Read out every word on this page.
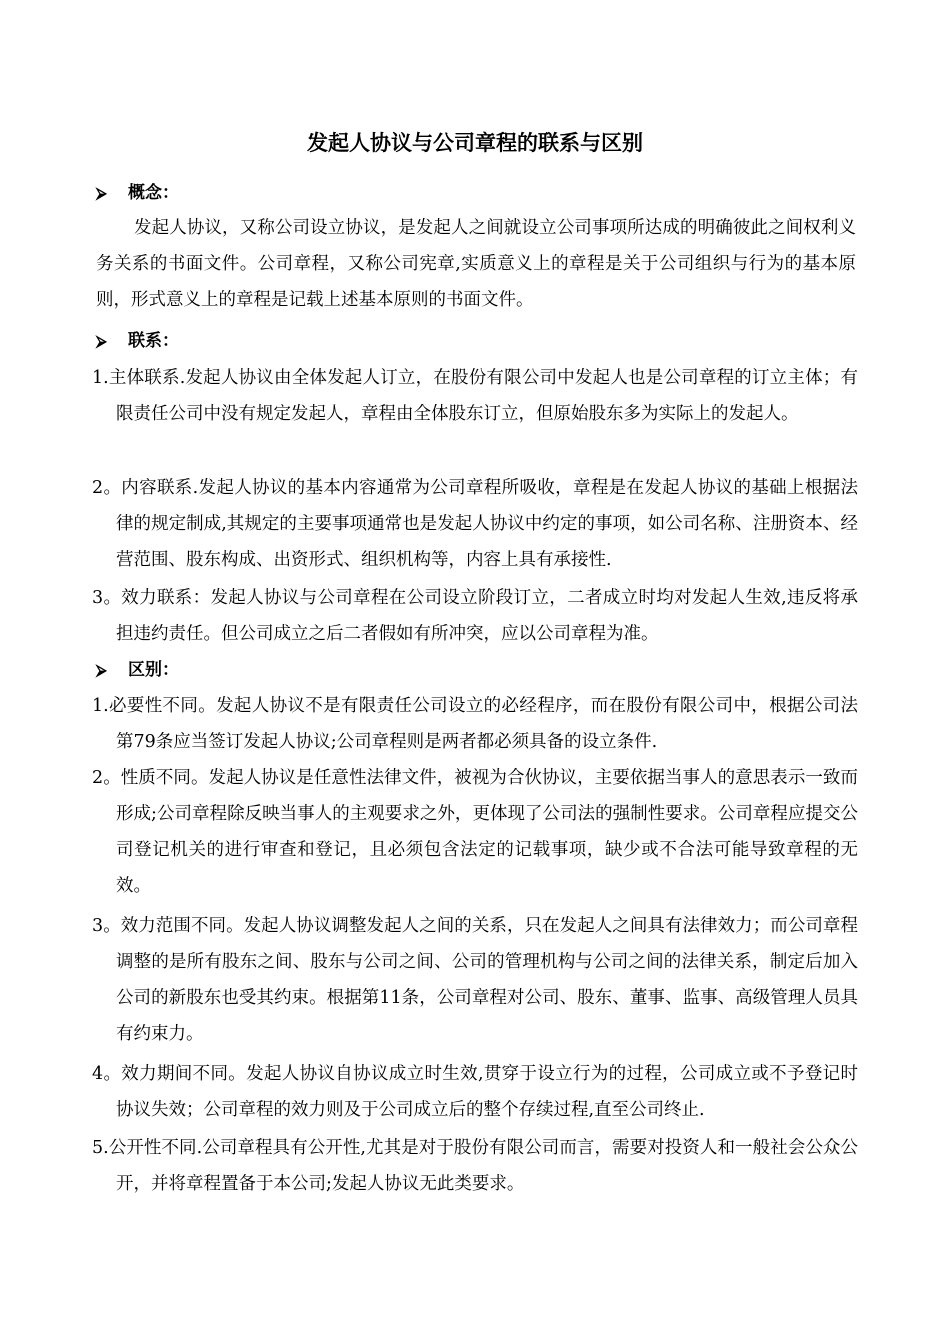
发起人协议与公司章程的联系与区别
⮚ 概念：

发起人协议，又称公司设立协议，是发起人之间就设立公司事项所达成的明确彼此之间权利义务关系的书面文件。公司章程，又称公司宪章,实质意义上的章程是关于公司组织与行为的基本原则，形式意义上的章程是记载上述基本原则的书面文件。

⮚ 联系：

1.主体联系.发起人协议由全体发起人订立，在股份有限公司中发起人也是公司章程的订立主体；有限责任公司中没有规定发起人，章程由全体股东订立，但原始股东多为实际上的发起人。

2。内容联系.发起人协议的基本内容通常为公司章程所吸收，章程是在发起人协议的基础上根据法律的规定制成,其规定的主要事项通常也是发起人协议中约定的事项，如公司名称、注册资本、经营范围、股东构成、出资形式、组织机构等，内容上具有承接性.

3。效力联系：发起人协议与公司章程在公司设立阶段订立，二者成立时均对发起人生效,违反将承担违约责任。但公司成立之后二者假如有所冲突，应以公司章程为准。

⮚ 区别：

1.必要性不同。发起人协议不是有限责任公司设立的必经程序，而在股份有限公司中，根据公司法第79条应当签订发起人协议;公司章程则是两者都必须具备的设立条件.

2。性质不同。发起人协议是任意性法律文件，被视为合伙协议，主要依据当事人的意思表示一致而形成;公司章程除反映当事人的主观要求之外，更体现了公司法的强制性要求。公司章程应提交公司登记机关的进行审查和登记，且必须包含法定的记载事项，缺少或不合法可能导致章程的无效。

3。效力范围不同。发起人协议调整发起人之间的关系，只在发起人之间具有法律效力；而公司章程调整的是所有股东之间、股东与公司之间、公司的管理机构与公司之间的法律关系，制定后加入公司的新股东也受其约束。根据第11条，公司章程对公司、股东、董事、监事、高级管理人员具有约束力。

4。效力期间不同。发起人协议自协议成立时生效,贯穿于设立行为的过程，公司成立或不予登记时协议失效；公司章程的效力则及于公司成立后的整个存续过程,直至公司终止.

5.公开性不同.公司章程具有公开性,尤其是对于股份有限公司而言，需要对投资人和一般社会公众公开，并将章程置备于本公司;发起人协议无此类要求。
